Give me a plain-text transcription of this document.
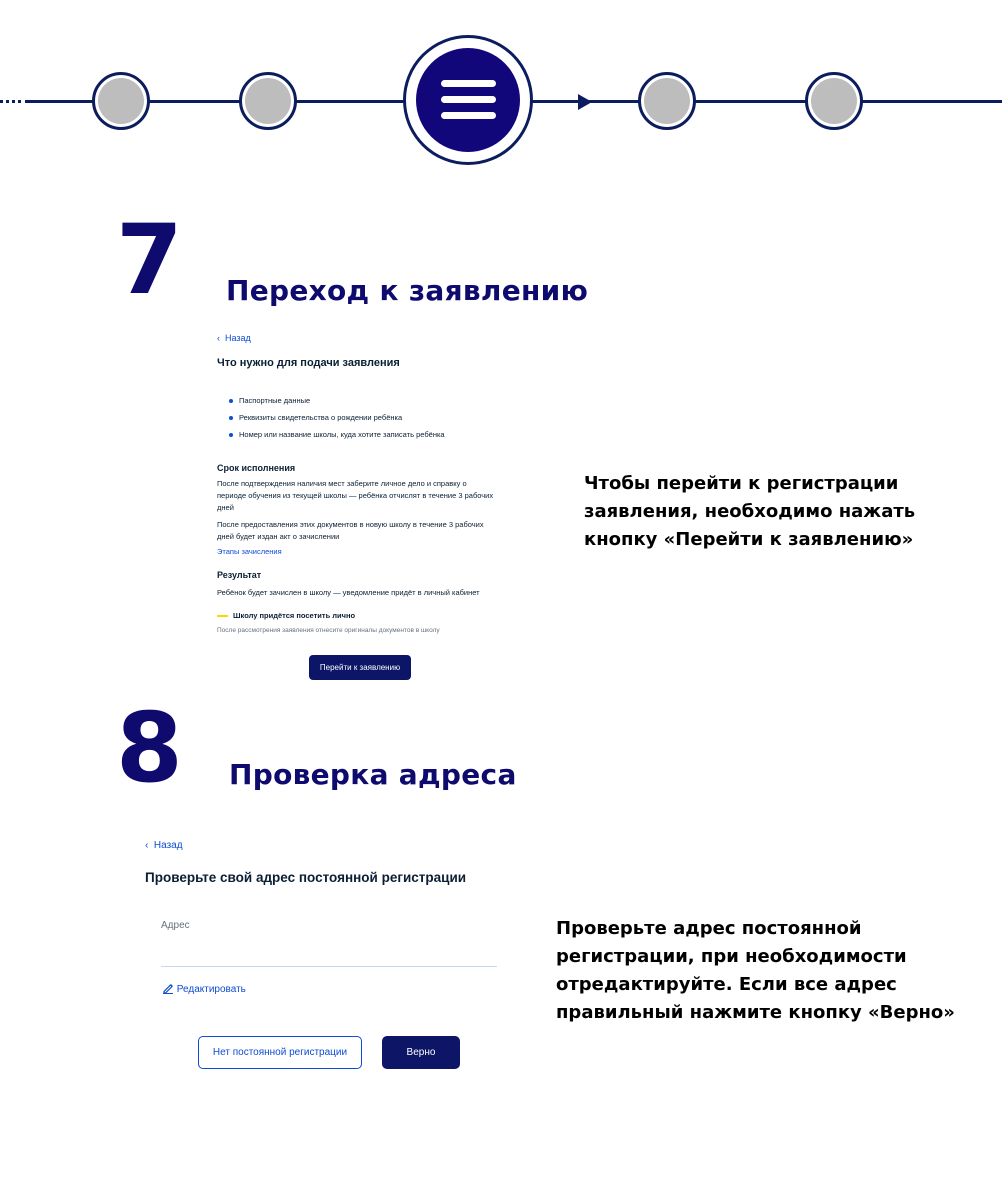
7 Переход к заявлению
‹ Назад
Что нужно для подачи заявления
Паспортные данные
Реквизиты свидетельства о рождении ребёнка
Номер или название школы, куда хотите записать ребёнка
Срок исполнения
После подтверждения наличия мест заберите личное дело и справку о
периоде обучения из текущей школы — ребёнка отчислят в течение 3 рабочих
дней
После предоставления этих документов в новую школу в течение 3 рабочих
дней будет издан акт о зачислении
Этапы зачисления
Результат
Ребёнок будет зачислен в школу — уведомление придёт в личный кабинет
Школу придётся посетить лично
После рассмотрения заявления отнесите оригиналы документов в школу
Перейти к заявлению
Чтобы перейти к регистрации
заявления, необходимо нажать
кнопку «Перейти к заявлению»
8 Проверка адреса
‹ Назад
Проверьте свой адрес постоянной регистрации
Адрес
Редактировать
Нет постоянной регистрации	Верно
Проверьте адрес постоянной
регистрации, при необходимости
отредактируйте. Если все адрес
правильный нажмите кнопку «Верно»
